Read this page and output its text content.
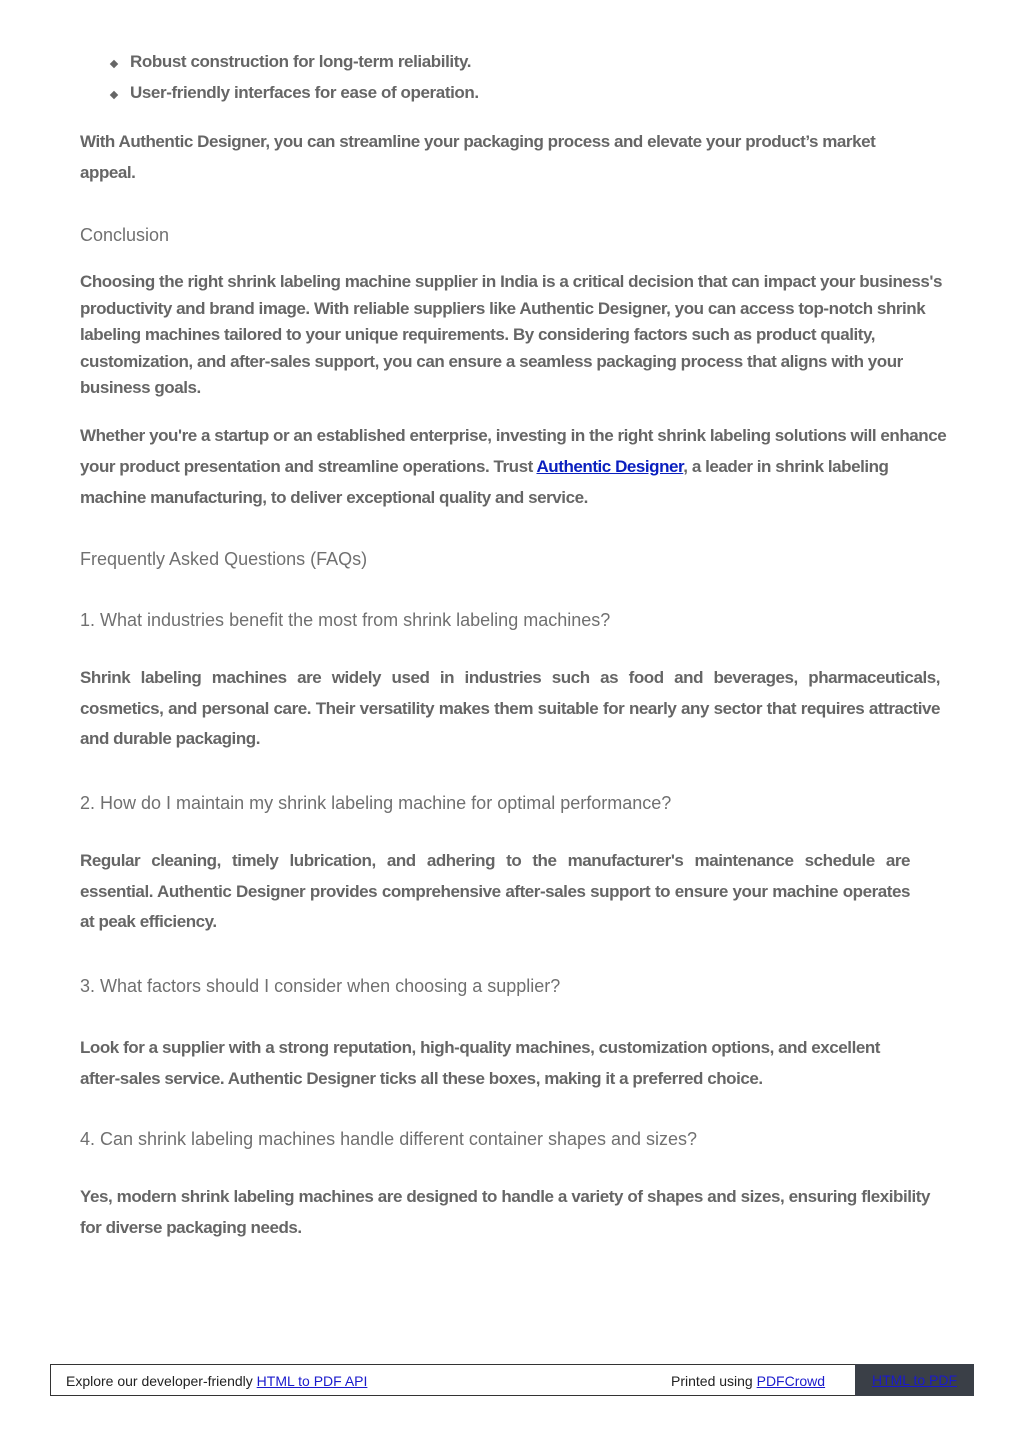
Robust construction for long-term reliability.
User-friendly interfaces for ease of operation.

With Authentic Designer, you can streamline your packaging process and elevate your product’s market appeal.

Conclusion

Choosing the right shrink labeling machine supplier in India is a critical decision that can impact your business's productivity and brand image. With reliable suppliers like Authentic Designer, you can access top-notch shrink labeling machines tailored to your unique requirements. By considering factors such as product quality, customization, and after-sales support, you can ensure a seamless packaging process that aligns with your business goals.

Whether you're a startup or an established enterprise, investing in the right shrink labeling solutions will enhance your product presentation and streamline operations. Trust Authentic Designer, a leader in shrink labeling machine manufacturing, to deliver exceptional quality and service.

Frequently Asked Questions (FAQs)
1. What industries benefit the most from shrink labeling machines?

Shrink labeling machines are widely used in industries such as food and beverages, pharmaceuticals, cosmetics, and personal care. Their versatility makes them suitable for nearly any sector that requires attractive and durable packaging.

2. How do I maintain my shrink labeling machine for optimal performance?

Regular cleaning, timely lubrication, and adhering to the manufacturer's maintenance schedule are essential. Authentic Designer provides comprehensive after-sales support to ensure your machine operates at peak efficiency.

3. What factors should I consider when choosing a supplier?

Look for a supplier with a strong reputation, high-quality machines, customization options, and excellent after-sales service. Authentic Designer ticks all these boxes, making it a preferred choice.

4. Can shrink labeling machines handle different container shapes and sizes?

Yes, modern shrink labeling machines are designed to handle a variety of shapes and sizes, ensuring flexibility for diverse packaging needs.

Explore our developer-friendly HTML to PDF API	Printed using PDFCrowd	HTML to PDF
